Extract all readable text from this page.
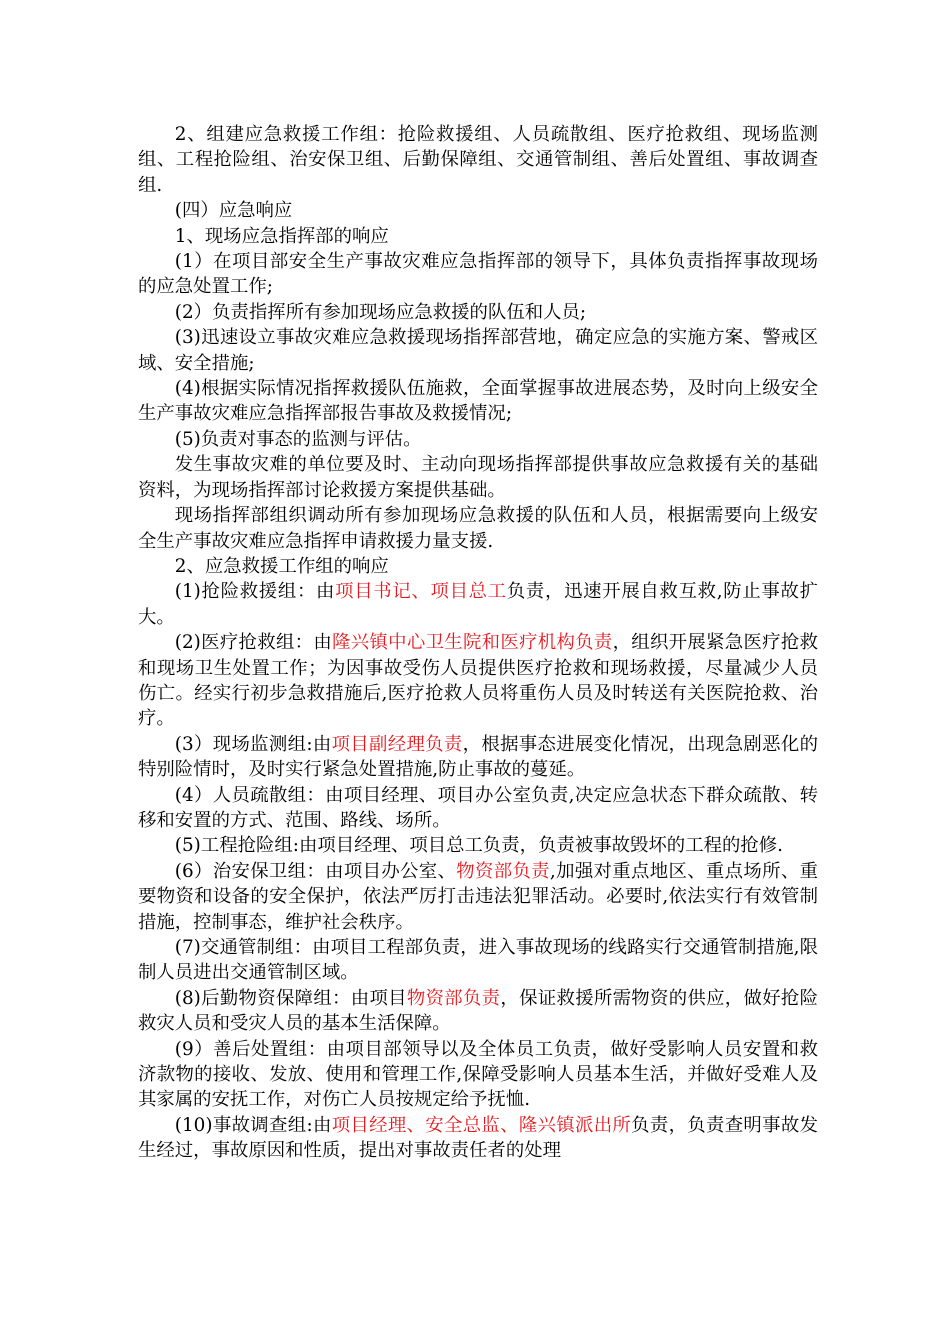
2、组建应急救援工作组：抢险救援组、人员疏散组、医疗抢救组、现场监测组、工程抢险组、治安保卫组、后勤保障组、交通管制组、善后处置组、事故调查组.

(四）应急响应

1、现场应急指挥部的响应

(1）在项目部安全生产事故灾难应急指挥部的领导下，具体负责指挥事故现场的应急处置工作;

(2）负责指挥所有参加现场应急救援的队伍和人员;

(3)迅速设立事故灾难应急救援现场指挥部营地，确定应急的实施方案、警戒区域、安全措施;

(4)根据实际情况指挥救援队伍施救，全面掌握事故进展态势，及时向上级安全生产事故灾难应急指挥部报告事故及救援情况;

(5)负责对事态的监测与评估。

发生事故灾难的单位要及时、主动向现场指挥部提供事故应急救援有关的基础资料，为现场指挥部讨论救援方案提供基础。

现场指挥部组织调动所有参加现场应急救援的队伍和人员，根据需要向上级安全生产事故灾难应急指挥申请救援力量支援.

2、应急救援工作组的响应

(1)抢险救援组：由项目书记、项目总工负责，迅速开展自救互救,防止事故扩大。

(2)医疗抢救组：由隆兴镇中心卫生院和医疗机构负责，组织开展紧急医疗抢救和现场卫生处置工作；为因事故受伤人员提供医疗抢救和现场救援，尽量减少人员伤亡。经实行初步急救措施后,医疗抢救人员将重伤人员及时转送有关医院抢救、治疗。

(3）现场监测组:由项目副经理负责，根据事态进展变化情况，出现急剧恶化的特别险情时，及时实行紧急处置措施,防止事故的蔓延。

(4）人员疏散组：由项目经理、项目办公室负责,决定应急状态下群众疏散、转移和安置的方式、范围、路线、场所。

(5)工程抢险组:由项目经理、项目总工负责，负责被事故毁坏的工程的抢修.

(6）治安保卫组：由项目办公室、物资部负责,加强对重点地区、重点场所、重要物资和设备的安全保护，依法严厉打击违法犯罪活动。必要时,依法实行有效管制措施，控制事态，维护社会秩序。

(7)交通管制组：由项目工程部负责，进入事故现场的线路实行交通管制措施,限制人员进出交通管制区域。

(8)后勤物资保障组：由项目物资部负责，保证救援所需物资的供应，做好抢险救灾人员和受灾人员的基本生活保障。

(9）善后处置组：由项目部领导以及全体员工负责，做好受影响人员安置和救济款物的接收、发放、使用和管理工作,保障受影响人员基本生活，并做好受难人及其家属的安抚工作，对伤亡人员按规定给予抚恤.

(10)事故调查组:由项目经理、安全总监、隆兴镇派出所负责，负责查明事故发生经过，事故原因和性质，提出对事故责任者的处理
